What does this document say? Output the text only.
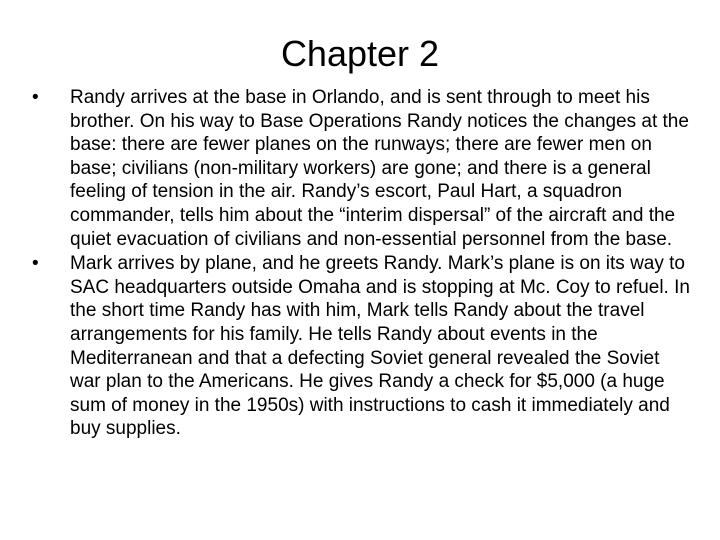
Chapter 2
•	Randy arrives at the base in Orlando, and is sent through to meet his brother. On his way to Base Operations Randy notices the changes at the base: there are fewer planes on the runways; there are fewer men on base; civilians (non-military workers) are gone; and there is a general feeling of tension in the air. Randy’s escort, Paul Hart, a squadron commander, tells him about the “interim dispersal” of the aircraft and the quiet evacuation of civilians and non-essential personnel from the base.
•	Mark arrives by plane, and he greets Randy. Mark’s plane is on its way to SAC headquarters outside Omaha and is stopping at Mc. Coy to refuel. In the short time Randy has with him, Mark tells Randy about the travel arrangements for his family. He tells Randy about events in the Mediterranean and that a defecting Soviet general revealed the Soviet war plan to the Americans. He gives Randy a check for $5,000 (a huge sum of money in the 1950s) with instructions to cash it immediately and buy supplies.
